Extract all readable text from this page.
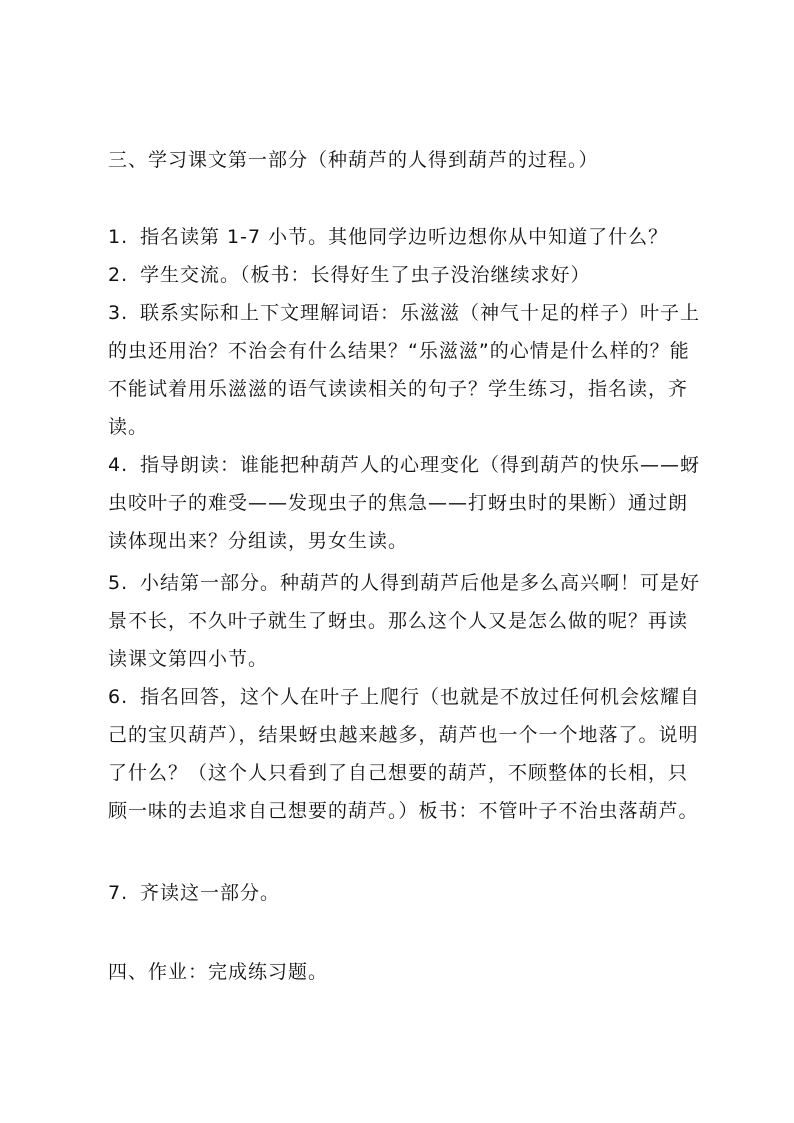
三、学习课文第一部分（种葫芦的人得到葫芦的过程。）
1. 指名读第 1-7 小节。其他同学边听边想你从中知道了什么？
2. 学生交流。（板书：长得好生了虫子没治继续求好）
3. 联系实际和上下文理解词语：乐滋滋（神气十足的样子）叶子上的虫还用治？不治会有什么结果？“乐滋滋”的心情是什么样的？能不能试着用乐滋滋的语气读读相关的句子？学生练习，指名读，齐读。
4. 指导朗读：谁能把种葫芦人的心理变化（得到葫芦的快乐——蚜虫咬叶子的难受——发现虫子的焦急——打蚜虫时的果断）通过朗读体现出来？分组读，男女生读。
5. 小结第一部分。种葫芦的人得到葫芦后他是多么高兴啊！可是好景不长，不久叶子就生了蚜虫。那么这个人又是怎么做的呢？再读读课文第四小节。
6. 指名回答，这个人在叶子上爬行（也就是不放过任何机会炫耀自己的宝贝葫芦），结果蚜虫越来越多，葫芦也一个一个地落了。说明了什么？（这个人只看到了自己想要的葫芦，不顾整体的长相，只顾一味的去追求自己想要的葫芦。）板书：不管叶子不治虫落葫芦。
7. 齐读这一部分。
四、作业：完成练习题。
